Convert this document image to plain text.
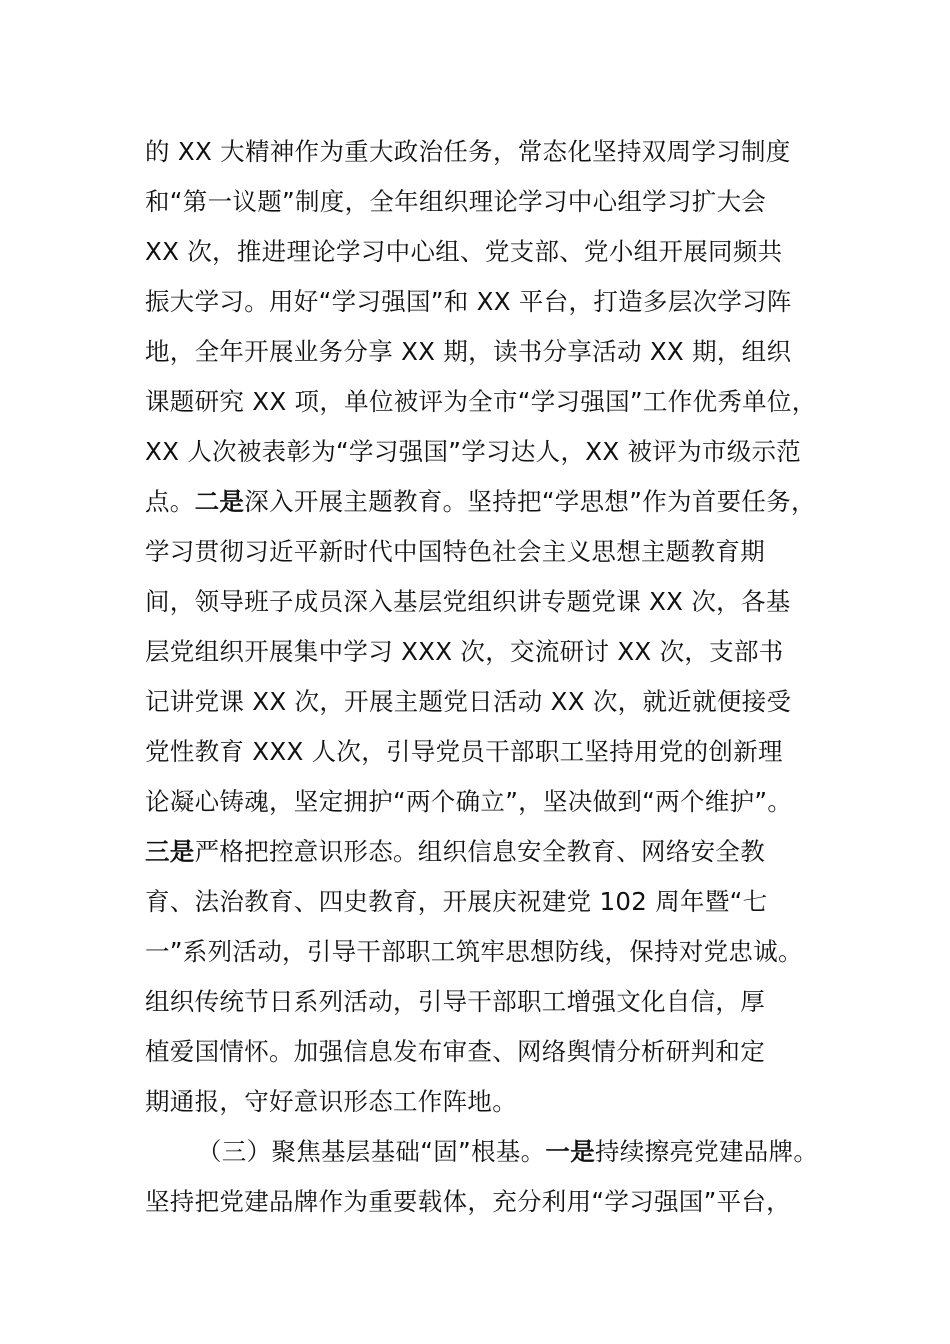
的 XX 大精神作为重大政治任务，常态化坚持双周学习制度
和“第一议题”制度，全年组织理论学习中心组学习扩大会
XX 次，推进理论学习中心组、党支部、党小组开展同频共
振大学习。用好“学习强国”和 XX 平台，打造多层次学习阵
地，全年开展业务分享 XX 期，读书分享活动 XX 期，组织
课题研究 XX 项，单位被评为全市“学习强国”工作优秀单位，
XX 人次被表彰为“学习强国”学习达人，XX 被评为市级示范
点。二是深入开展主题教育。坚持把“学思想”作为首要任务，
学习贯彻习近平新时代中国特色社会主义思想主题教育期
间，领导班子成员深入基层党组织讲专题党课 XX 次，各基
层党组织开展集中学习 XXX 次，交流研讨 XX 次，支部书
记讲党课 XX 次，开展主题党日活动 XX 次，就近就便接受
党性教育 XXX 人次，引导党员干部职工坚持用党的创新理
论凝心铸魂，坚定拥护“两个确立”，坚决做到“两个维护”。
三是严格把控意识形态。组织信息安全教育、网络安全教
育、法治教育、四史教育，开展庆祝建党 102 周年暨“七
一”系列活动，引导干部职工筑牢思想防线，保持对党忠诚。
组织传统节日系列活动，引导干部职工增强文化自信，厚
植爱国情怀。加强信息发布审查、网络舆情分析研判和定
期通报，守好意识形态工作阵地。
（三）聚焦基层基础“固”根基。一是持续擦亮党建品牌。
坚持把党建品牌作为重要载体，充分利用“学习强国”平台，
